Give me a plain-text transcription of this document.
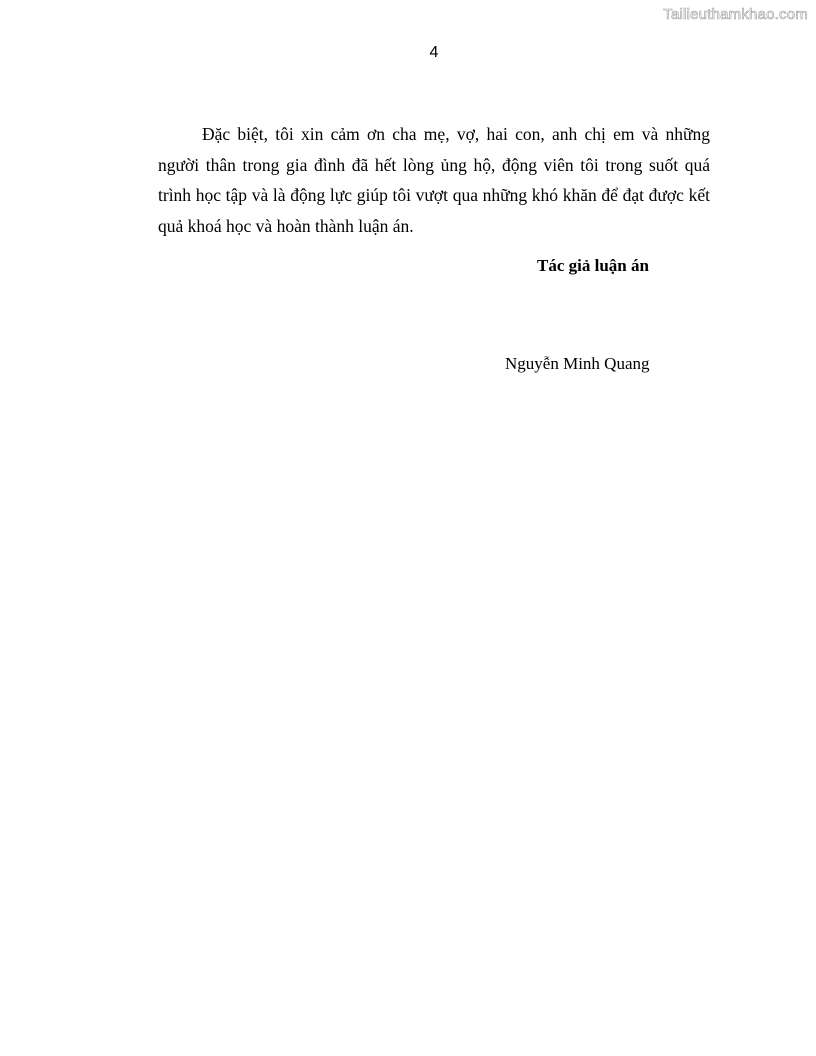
Tailieuthamkhao.com
4

Đặc biệt, tôi xin cảm ơn cha mẹ, vợ, hai con, anh chị em và những người thân trong gia đình đã hết lòng ủng hộ, động viên tôi trong suốt quá trình học tập và là động lực giúp tôi vượt qua những khó khăn để đạt được kết quả khoá học và hoàn thành luận án.

Tác giả luận án
Nguyễn Minh Quang
